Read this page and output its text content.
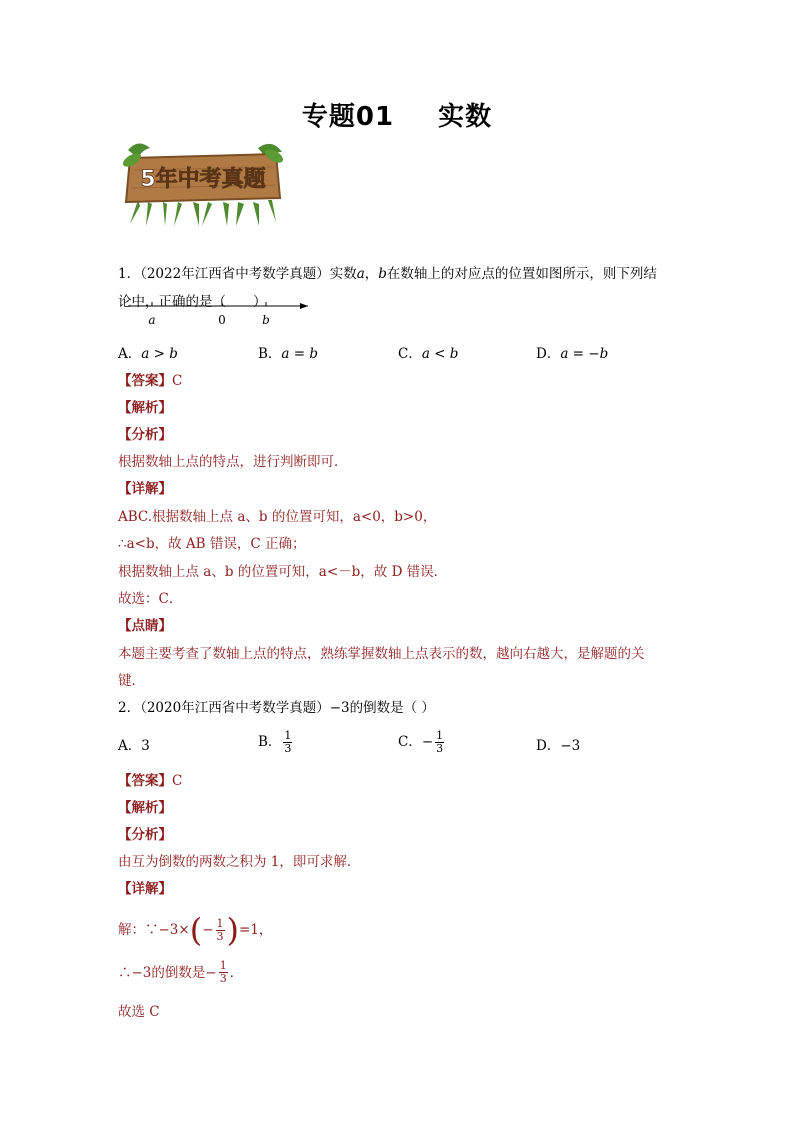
专题01 实数
5年中考真题
1．（2022年江西省中考数学真题）实数a，b在数轴上的对应点的位置如图所示，则下列结
论中，正确的是（　　）
a	0	b
A．a > b	B．a = b	C．a < b	D．a = −b
【答案】C
【解析】
【分析】
根据数轴上点的特点，进行判断即可．
【详解】
ABC.根据数轴上点 a、b 的位置可知，a<0，b>0，
∴a<b，故 AB 错误，C 正确；
根据数轴上点 a、b 的位置可知，a<－b，故 D 错误．
故选：C．
【点睛】
本题主要考查了数轴上点的特点，熟练掌握数轴上点表示的数，越向右越大，是解题的关
键．
2．（2020年江西省中考数学真题）−3的倒数是（ ）
A．3	B． $\frac{1}{3}$	C．− $\frac{1}{3}$	D．−3
【答案】C
【解析】
【分析】
由互为倒数的两数之积为 1，即可求解．
【详解】
解：∵−3× ( − $\frac{1}{3}$ ) =1，
∴−3的倒数是− $\frac{1}{3}$ ．
故选 C
